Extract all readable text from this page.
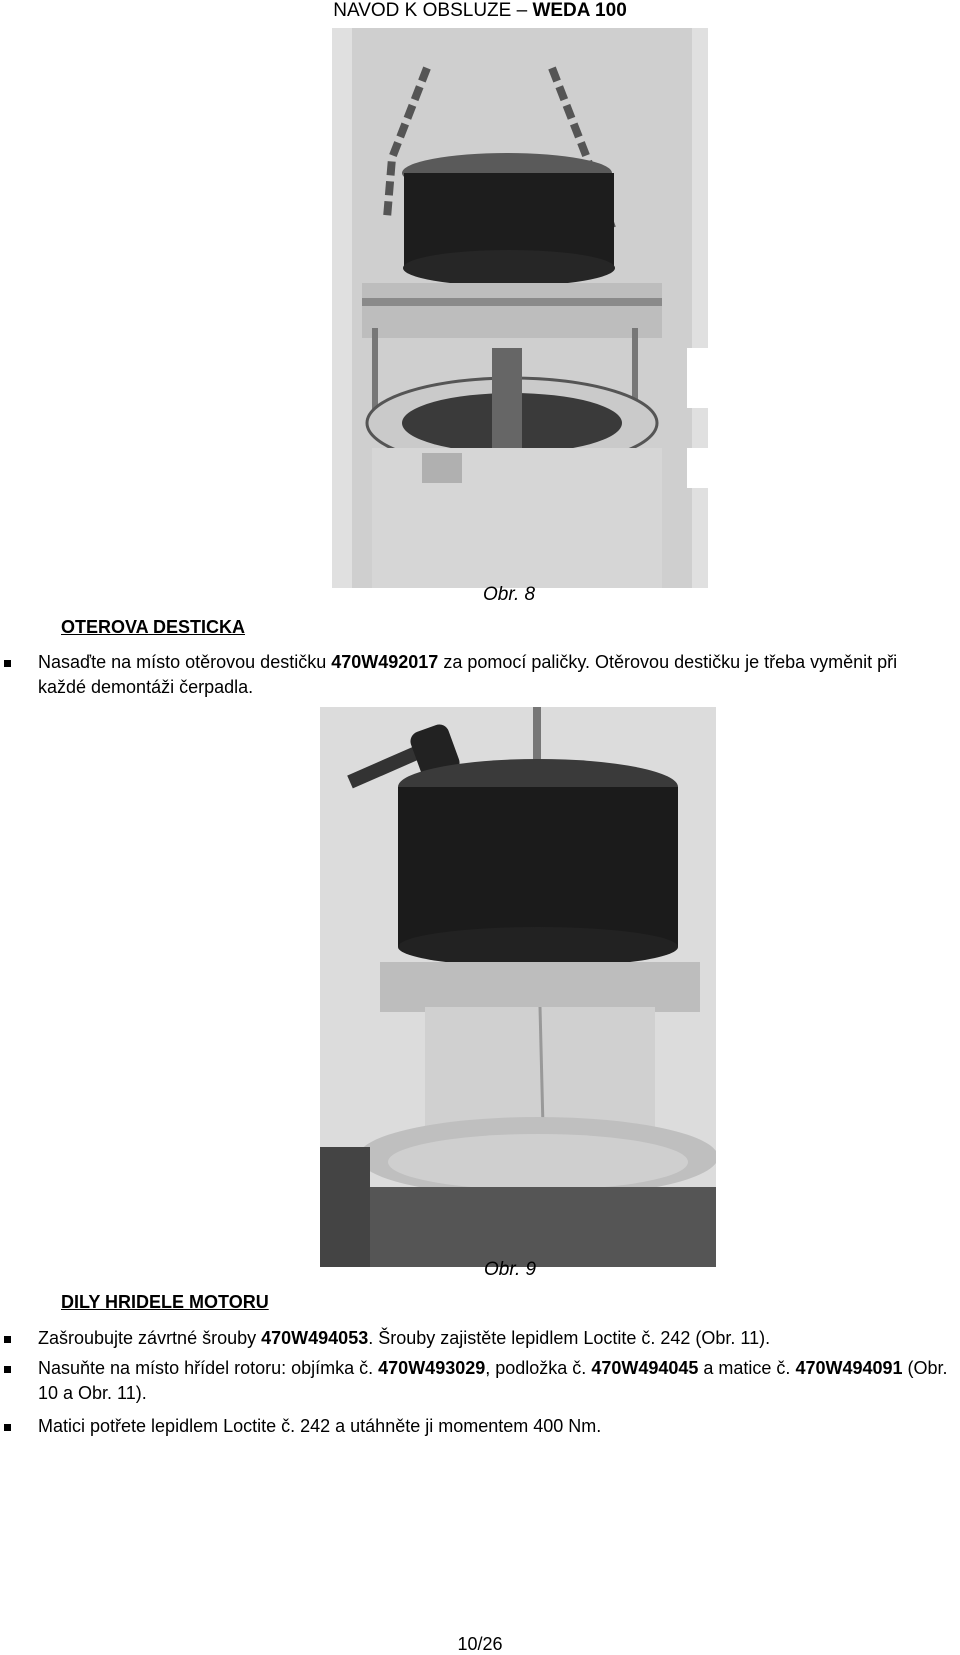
NAVOD K OBSLUZE – WEDA 100
Obr. 8
OTEROVA DESTICKA
Nasaďte na místo otěrovou destičku 470W492017 za pomocí paličky. Otěrovou destičku je třeba vyměnit při každé demontáži čerpadla.
Obr. 9
DILY HRIDELE MOTORU
Zašroubujte závrtné šrouby 470W494053. Šrouby zajistěte lepidlem Loctite č. 242 (Obr. 11).
Nasuňte na místo hřídel rotoru: objímka č. 470W493029, podložka č. 470W494045 a matice č. 470W494091 (Obr. 10 a Obr. 11).
Matici potřete lepidlem Loctite č. 242 a utáhněte ji momentem 400 Nm.
10/26
